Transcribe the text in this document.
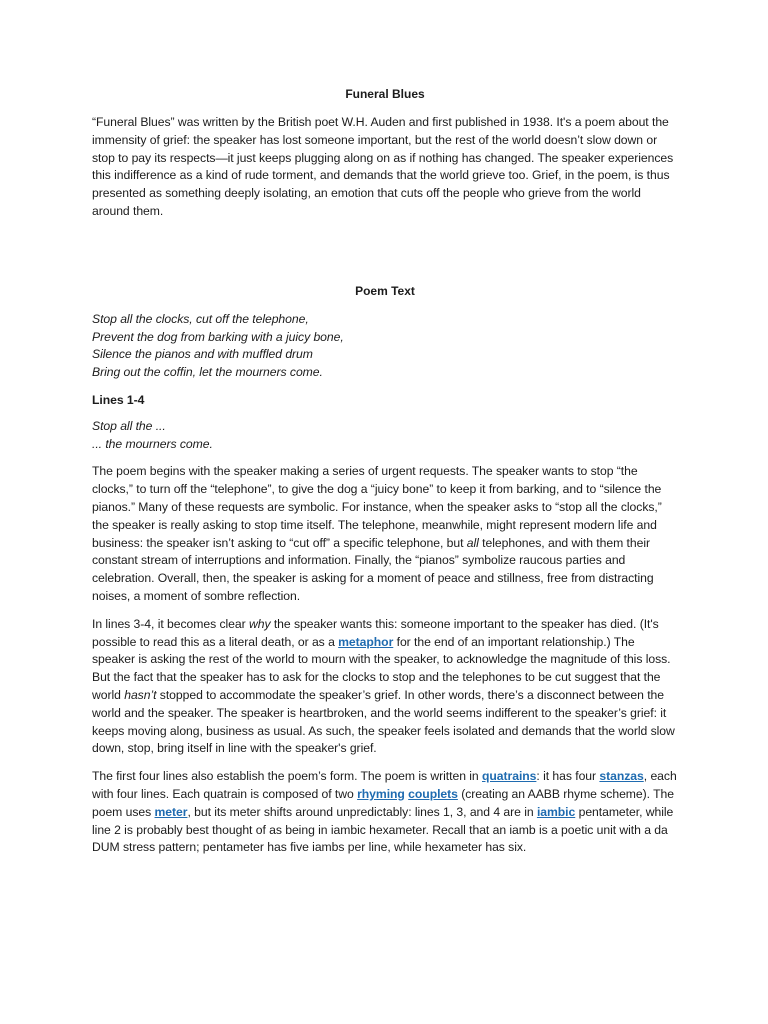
Funeral Blues

“Funeral Blues” was written by the British poet W.H. Auden and first published in 1938. It's a poem about the immensity of grief: the speaker has lost someone important, but the rest of the world doesn’t slow down or stop to pay its respects—it just keeps plugging along on as if nothing has changed. The speaker experiences this indifference as a kind of rude torment, and demands that the world grieve too. Grief, in the poem, is thus presented as something deeply isolating, an emotion that cuts off the people who grieve from the world around them.

Poem Text

Stop all the clocks, cut off the telephone,
Prevent the dog from barking with a juicy bone,
Silence the pianos and with muffled drum
Bring out the coffin, let the mourners come.

Lines 1-4

Stop all the ...
... the mourners come.

The poem begins with the speaker making a series of urgent requests. The speaker wants to stop “the clocks,” to turn off the “telephone”, to give the dog a “juicy bone” to keep it from barking, and to “silence the pianos.” Many of these requests are symbolic. For instance, when the speaker asks to “stop all the clocks,” the speaker is really asking to stop time itself. The telephone, meanwhile, might represent modern life and business: the speaker isn’t asking to “cut off” a specific telephone, but all telephones, and with them their constant stream of interruptions and information. Finally, the “pianos” symbolize raucous parties and celebration. Overall, then, the speaker is asking for a moment of peace and stillness, free from distracting noises, a moment of sombre reflection.

In lines 3-4, it becomes clear why the speaker wants this: someone important to the speaker has died. (It's possible to read this as a literal death, or as a metaphor for the end of an important relationship.) The speaker is asking the rest of the world to mourn with the speaker, to acknowledge the magnitude of this loss. But the fact that the speaker has to ask for the clocks to stop and the telephones to be cut suggest that the world hasn’t stopped to accommodate the speaker’s grief. In other words, there’s a disconnect between the world and the speaker. The speaker is heartbroken, and the world seems indifferent to the speaker’s grief: it keeps moving along, business as usual. As such, the speaker feels isolated and demands that the world slow down, stop, bring itself in line with the speaker's grief.

The first four lines also establish the poem’s form. The poem is written in quatrains: it has four stanzas, each with four lines. Each quatrain is composed of two rhyming couplets (creating an AABB rhyme scheme). The poem uses meter, but its meter shifts around unpredictably: lines 1, 3, and 4 are in iambic pentameter, while line 2 is probably best thought of as being in iambic hexameter. Recall that an iamb is a poetic unit with a da DUM stress pattern; pentameter has five iambs per line, while hexameter has six.
